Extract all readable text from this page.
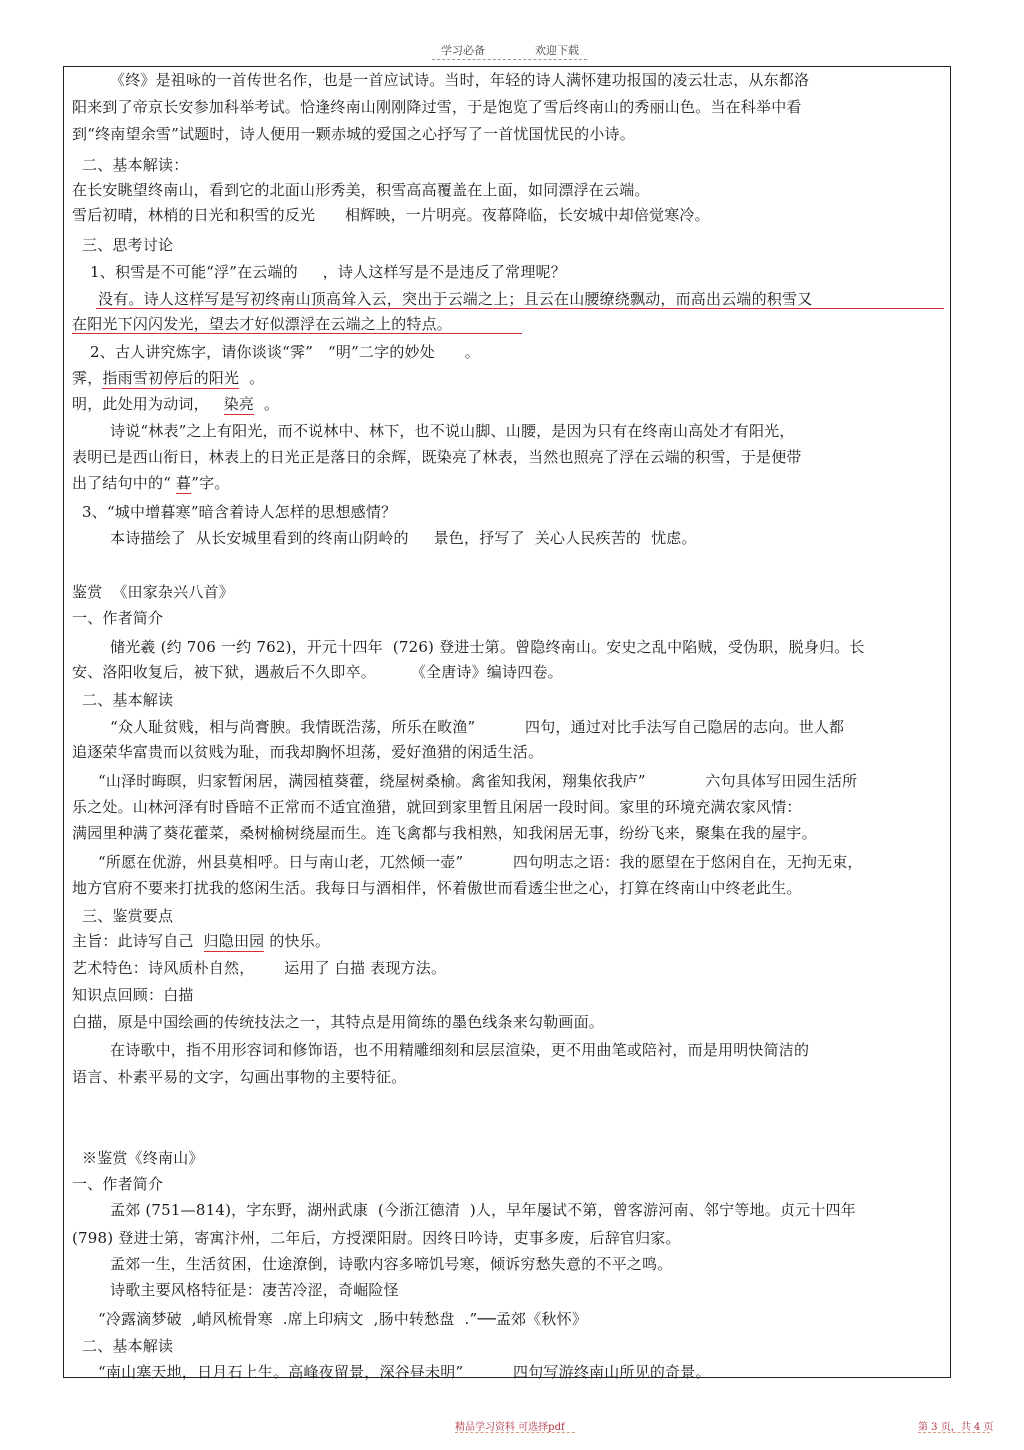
学习必备	欢迎下载
《终》是祖咏的一首传世名作，也是一首应试诗。当时，年轻的诗人满怀建功报国的凌云壮志，从东都洛
阳来到了帝京长安参加科举考试。恰逢终南山刚刚降过雪，于是饱览了雪后终南山的秀丽山色。当在科举中看
到“终南望余雪”试题时，诗人便用一颗赤城的爱国之心抒写了一首忧国忧民的小诗。
二、基本解读：
在长安眺望终南山，看到它的北面山形秀美，积雪高高覆盖在上面，如同漂浮在云端。
雪后初晴，林梢的日光和积雪的反光      相辉映，一片明亮。夜幕降临，长安城中却倍觉寒冷。
三、思考讨论
1、积雪是不可能“浮”在云端的     ，诗人这样写是不是违反了常理呢？
没有。诗人这样写是写初终南山顶高耸入云，突出于云端之上；且云在山腰缭绕飘动，而高出云端的积雪又
在阳光下闪闪发光，望去才好似漂浮在云端之上的特点。
2、古人讲究炼字，请你谈谈“霁”   “明”二字的妙处      。
霁，指雨雪初停后的阳光  。
明，此处用为动词， 染亮  。
诗说“林表”之上有阳光，而不说林中、林下，也不说山脚、山腰，是因为只有在终南山高处才有阳光，
表明已是西山衔日，林表上的日光正是落日的余辉，既染亮了林表，当然也照亮了浮在云端的积雪，于是便带
出了结句中的“ 暮”字。
3、“城中增暮寒”暗含着诗人怎样的思想感情？
本诗描绘了  从长安城里看到的终南山阴岭的     景色，抒写了  关心人民疾苦的  忧虑。
鉴赏  《田家杂兴八首》
一、作者简介
储光羲 (约 706 一约 762)，开元十四年  (726) 登进士第。曾隐终南山。安史之乱中陷贼，受伪职，脱身归。长
安、洛阳收复后，被下狱，遇赦后不久即卒。       《全唐诗》编诗四卷。
二、基本解读
“众人耻贫贱，相与尚膏腴。我情既浩荡，所乐在畋渔”          四句，通过对比手法写自己隐居的志向。世人都
追逐荣华富贵而以贫贱为耻，而我却胸怀坦荡，爱好渔猎的闲适生活。
“山泽时晦暝，归家暂闲居，满园植葵藿，绕屋树桑榆。禽雀知我闲，翔集依我庐”            六句具体写田园生活所
乐之处。山林河泽有时昏暗不正常而不适宜渔猎，就回到家里暂且闲居一段时间。家里的环境充满农家风情：
满园里种满了葵花藿菜，桑树榆树绕屋而生。连飞禽都与我相熟，知我闲居无事，纷纷飞来，聚集在我的屋宇。
“所愿在优游，州县莫相呼。日与南山老，兀然倾一壶”          四句明志之语：我的愿望在于悠闲自在，无拘无束，
地方官府不要来打扰我的悠闲生活。我每日与酒相伴，怀着傲世而看透尘世之心，打算在终南山中终老此生。
三、鉴赏要点
主旨：此诗写自己  归隐田园 的快乐。
艺术特色：诗风质朴自然，      运用了 白描 表现方法。
知识点回顾：白描
白描，原是中国绘画的传统技法之一，其特点是用简练的墨色线条来勾勒画面。
在诗歌中，指不用形容词和修饰语，也不用精雕细刻和层层渲染，更不用曲笔或陪衬，而是用明快简洁的
语言、朴素平易的文字，勾画出事物的主要特征。
※鉴赏《终南山》
一、作者简介
孟郊 (751—814)，字东野，湖州武康  (今浙江德清  )人，早年屡试不第，曾客游河南、邻宁等地。贞元十四年
(798) 登进士第，寄寓汴州，二年后，方授溧阳尉。因终日吟诗，吏事多废，后辞官归家。
孟郊一生，生活贫困，仕途潦倒，诗歌内容多啼饥号寒，倾诉穷愁失意的不平之鸣。
诗歌主要风格特征是：凄苦冷涩，奇崛险怪
“冷露滴梦破  ,峭风梳骨寒  .席上印病文  ,肠中转愁盘  .”──孟郊《秋怀》
二、基本解读
“南山塞天地，日月石上生。高峰夜留景，深谷昼未明”          四句写游终南山所见的奇景。
精品学习资料 可选择pdf	第 3 页，共 4 页
